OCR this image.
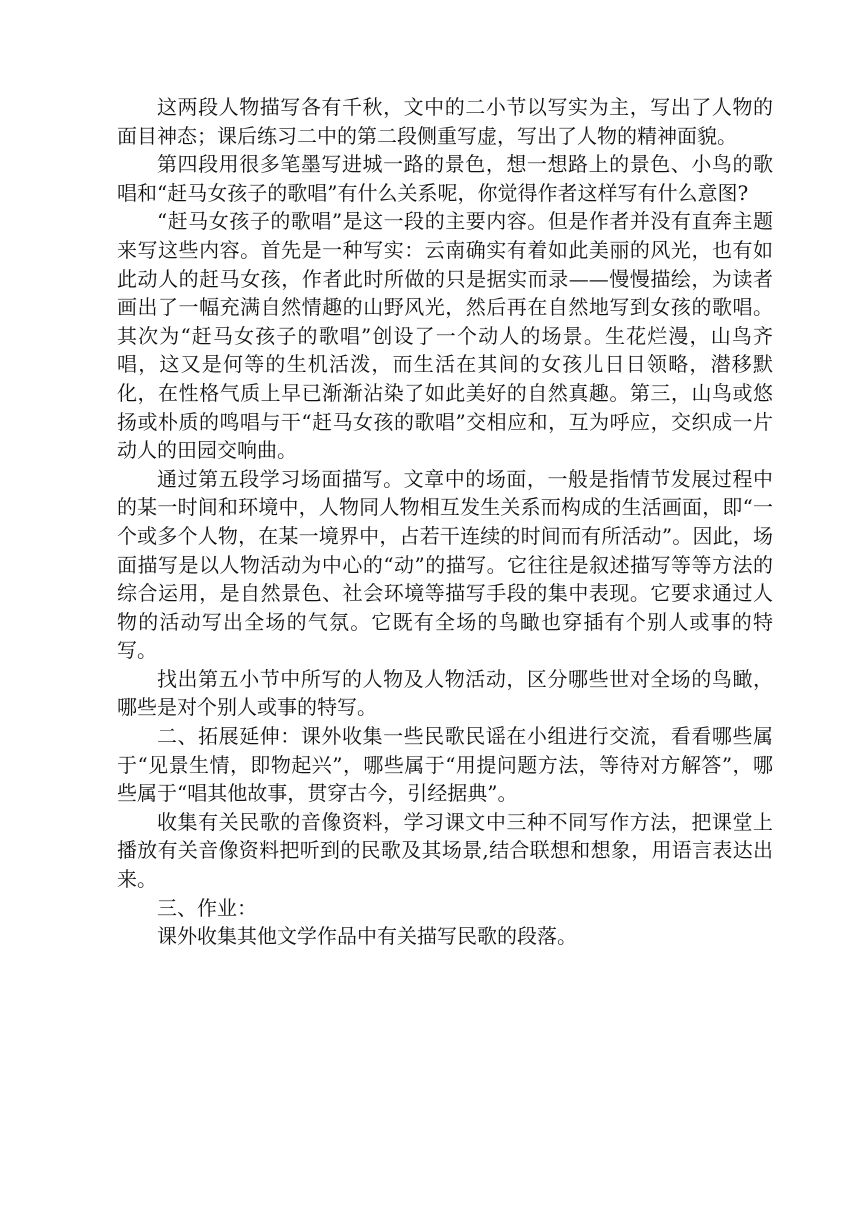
这两段人物描写各有千秋，文中的二小节以写实为主，写出了人物的面目神态；课后练习二中的第二段侧重写虚，写出了人物的精神面貌。

第四段用很多笔墨写进城一路的景色，想一想路上的景色、小鸟的歌唱和“赶马女孩子的歌唱”有什么关系呢，你觉得作者这样写有什么意图?

“赶马女孩子的歌唱”是这一段的主要内容。但是作者并没有直奔主题来写这些内容。首先是一种写实：云南确实有着如此美丽的风光，也有如此动人的赶马女孩，作者此时所做的只是据实而录——慢慢描绘，为读者画出了一幅充满自然情趣的山野风光，然后再在自然地写到女孩的歌唱。其次为“赶马女孩子的歌唱”创设了一个动人的场景。生花烂漫，山鸟齐唱，这又是何等的生机活泼，而生活在其间的女孩儿日日领略，潜移默化，在性格气质上早已渐渐沾染了如此美好的自然真趣。第三，山鸟或悠扬或朴质的鸣唱与干“赶马女孩的歌唱”交相应和，互为呼应，交织成一片动人的田园交响曲。

通过第五段学习场面描写。文章中的场面，一般是指情节发展过程中的某一时间和环境中，人物同人物相互发生关系而构成的生活画面，即“一个或多个人物，在某一境界中，占若干连续的时间而有所活动”。因此，场面描写是以人物活动为中心的“动”的描写。它往往是叙述描写等等方法的综合运用，是自然景色、社会环境等描写手段的集中表现。它要求通过人物的活动写出全场的气氛。它既有全场的鸟瞰也穿插有个别人或事的特写。

找出第五小节中所写的人物及人物活动，区分哪些世对全场的鸟瞰，哪些是对个别人或事的特写。

二、拓展延伸：课外收集一些民歌民谣在小组进行交流，看看哪些属于“见景生情，即物起兴”，哪些属于“用提问题方法，等待对方解答”，哪些属于“唱其他故事，贯穿古今，引经据典”。

收集有关民歌的音像资料，学习课文中三种不同写作方法，把课堂上播放有关音像资料把听到的民歌及其场景,结合联想和想象，用语言表达出来。

三、作业：

课外收集其他文学作品中有关描写民歌的段落。
